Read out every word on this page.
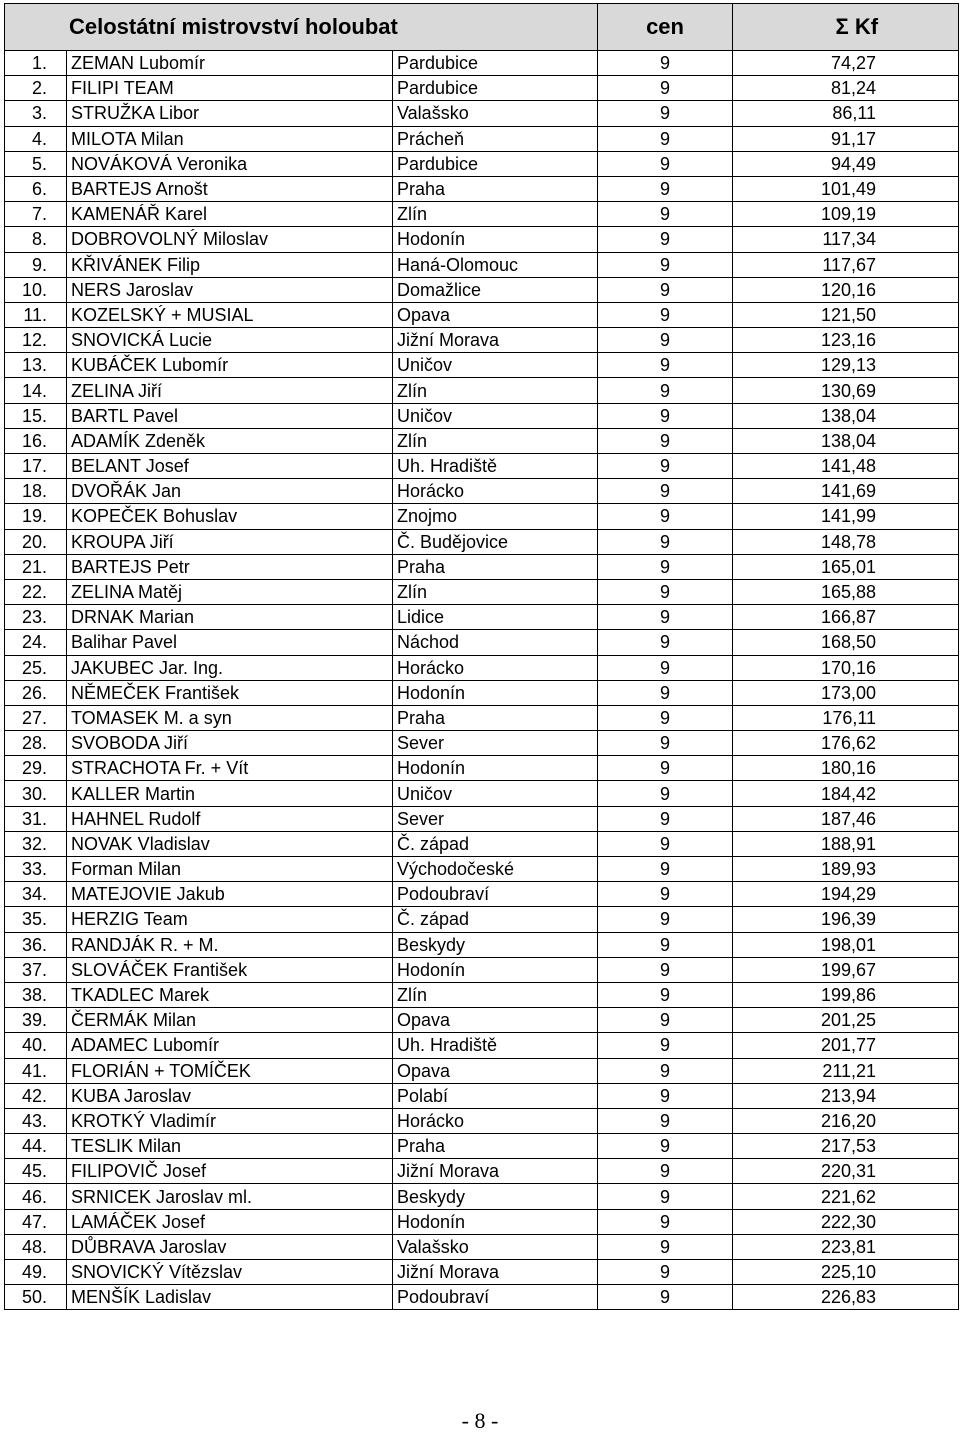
Celostátní mistrovství holoubat			cen	Σ Kf
1.	ZEMAN Lubomír	Pardubice	9	74,27
2.	FILIPI TEAM	Pardubice	9	81,24
3.	STRUŽKA Libor	Valašsko	9	86,11
4.	MILOTA Milan	Prácheň	9	91,17
5.	NOVÁKOVÁ Veronika	Pardubice	9	94,49
6.	BARTEJS Arnošt	Praha	9	101,49
7.	KAMENÁŘ Karel	Zlín	9	109,19
8.	DOBROVOLNÝ Miloslav	Hodonín	9	117,34
9.	KŘIVÁNEK Filip	Haná-Olomouc	9	117,67
10.	NERS Jaroslav	Domažlice	9	120,16
11.	KOZELSKÝ + MUSIAL	Opava	9	121,50
12.	SNOVICKÁ Lucie	Jižní Morava	9	123,16
13.	KUBÁČEK Lubomír	Uničov	9	129,13
14.	ZELINA Jiří	Zlín	9	130,69
15.	BARTL Pavel	Uničov	9	138,04
16.	ADAMÍK Zdeněk	Zlín	9	138,04
17.	BELANT Josef	Uh. Hradiště	9	141,48
18.	DVOŘÁK Jan	Horácko	9	141,69
19.	KOPEČEK Bohuslav	Znojmo	9	141,99
20.	KROUPA Jiří	Č. Budějovice	9	148,78
21.	BARTEJS Petr	Praha	9	165,01
22.	ZELINA Matěj	Zlín	9	165,88
23.	DRNAK Marian	Lidice	9	166,87
24.	Balihar Pavel	Náchod	9	168,50
25.	JAKUBEC Jar. Ing.	Horácko	9	170,16
26.	NĚMEČEK František	Hodonín	9	173,00
27.	TOMASEK M. a syn	Praha	9	176,11
28.	SVOBODA Jiří	Sever	9	176,62
29.	STRACHOTA Fr. + Vít	Hodonín	9	180,16
30.	KALLER Martin	Uničov	9	184,42
31.	HAHNEL Rudolf	Sever	9	187,46
32.	NOVAK Vladislav	Č. západ	9	188,91
33.	Forman Milan	Východočeské	9	189,93
34.	MATEJOVIE Jakub	Podoubraví	9	194,29
35.	HERZIG Team	Č. západ	9	196,39
36.	RANDJÁK R. + M.	Beskydy	9	198,01
37.	SLOVÁČEK František	Hodonín	9	199,67
38.	TKADLEC Marek	Zlín	9	199,86
39.	ČERMÁK Milan	Opava	9	201,25
40.	ADAMEC Lubomír	Uh. Hradiště	9	201,77
41.	FLORIÁN + TOMÍČEK	Opava	9	211,21
42.	KUBA Jaroslav	Polabí	9	213,94
43.	KROTKÝ Vladimír	Horácko	9	216,20
44.	TESLIK Milan	Praha	9	217,53
45.	FILIPOVIČ Josef	Jižní Morava	9	220,31
46.	SRNICEK Jaroslav ml.	Beskydy	9	221,62
47.	LAMÁČEK Josef	Hodonín	9	222,30
48.	DŮBRAVA Jaroslav	Valašsko	9	223,81
49.	SNOVICKÝ Vítězslav	Jižní Morava	9	225,10
50.	MENŠÍK Ladislav	Podoubraví	9	226,83
- 8 -
